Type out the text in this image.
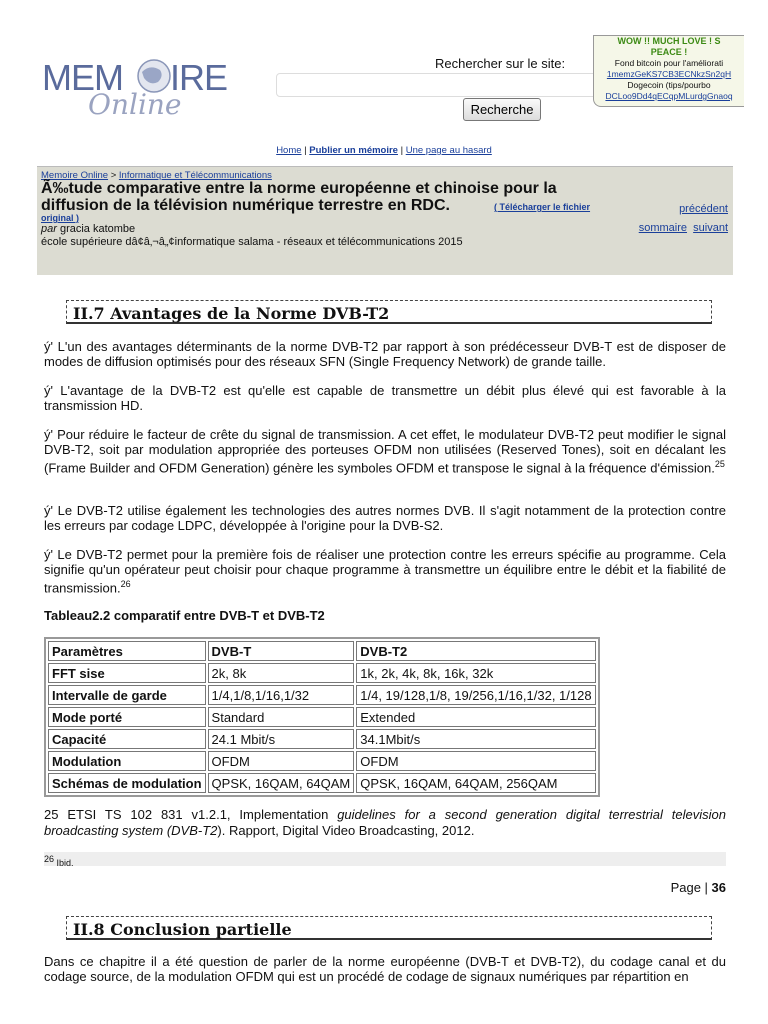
MEM IRE
Online
Rechercher sur le site:
Recherche
WOW !! MUCH LOVE ! S
PEACE !
Fond bitcoin pour l'améliorati
1memzGeKS7CB3ECNkzSn2qH
Dogecoin (tips/pourbo
DCLoo9Dd4qECqpMLurdgGnaoq
Home | Publier un mémoire | Une page au hasard
Memoire Online > Informatique et Télécommunications
Ã‰tude comparative entre la norme européenne et chinoise pour la diffusion de la télévision numérique terrestre en RDC.	( Télécharger le fichier
original )
par gracia katombe
école supérieure dâ¢â‚¬â„¢informatique salama - réseaux et télécommunications 2015
précédent
sommaire suivant
II.7 Avantages de la Norme DVB-T2

ý' L'un des avantages déterminants de la norme DVB-T2 par rapport à son prédécesseur DVB-T est de disposer de modes de diffusion optimisés pour des réseaux SFN (Single Frequency Network) de grande taille.

ý' L'avantage de la DVB-T2 est qu'elle est capable de transmettre un débit plus élevé qui est favorable à la transmission HD.

ý' Pour réduire le facteur de crête du signal de transmission. A cet effet, le modulateur DVB-T2 peut modifier le signal DVB-T2, soit par modulation appropriée des porteuses OFDM non utilisées (Reserved Tones), soit en décalant les (Frame Builder and OFDM Generation) génère les symboles OFDM et transpose le signal à la fréquence d'émission.$^{25}$

ý' Le DVB-T2 utilise également les technologies des autres normes DVB. Il s'agit notamment de la protection contre les erreurs par codage LDPC, développée à l'origine pour la DVB-S2.

ý' Le DVB-T2 permet pour la première fois de réaliser une protection contre les erreurs spécifie au programme. Cela signifie qu'un opérateur peut choisir pour chaque programme à transmettre un équilibre entre le débit et la fiabilité de transmission.$^{26}$

Tableau2.2 comparatif entre DVB-T et DVB-T2
Paramètres	DVB-T	DVB-T2
FFT sise	2k, 8k	1k, 2k, 4k, 8k, 16k, 32k
Intervalle de garde	1/4,1/8,1/16,1/32	1/4, 19/128,1/8, 19/256,1/16,1/32, 1/128
Mode porté	Standard	Extended
Capacité	24.1 Mbit/s	34.1Mbit/s
Modulation	OFDM	OFDM
Schémas de modulation	QPSK, 16QAM, 64QAM	QPSK, 16QAM, 64QAM, 256QAM

25 ETSI TS 102 831 v1.2.1, Implementation guidelines for a second generation digital terrestrial television broadcasting system (DVB-T2). Rapport, Digital Video Broadcasting, 2012.

$^{26}$ Ibid.
Page | 36
II.8 Conclusion partielle

Dans ce chapitre il a été question de parler de la norme européenne (DVB-T et DVB-T2), du codage canal et du codage source, de la modulation OFDM qui est un procédé de codage de signaux numériques par répartition en
